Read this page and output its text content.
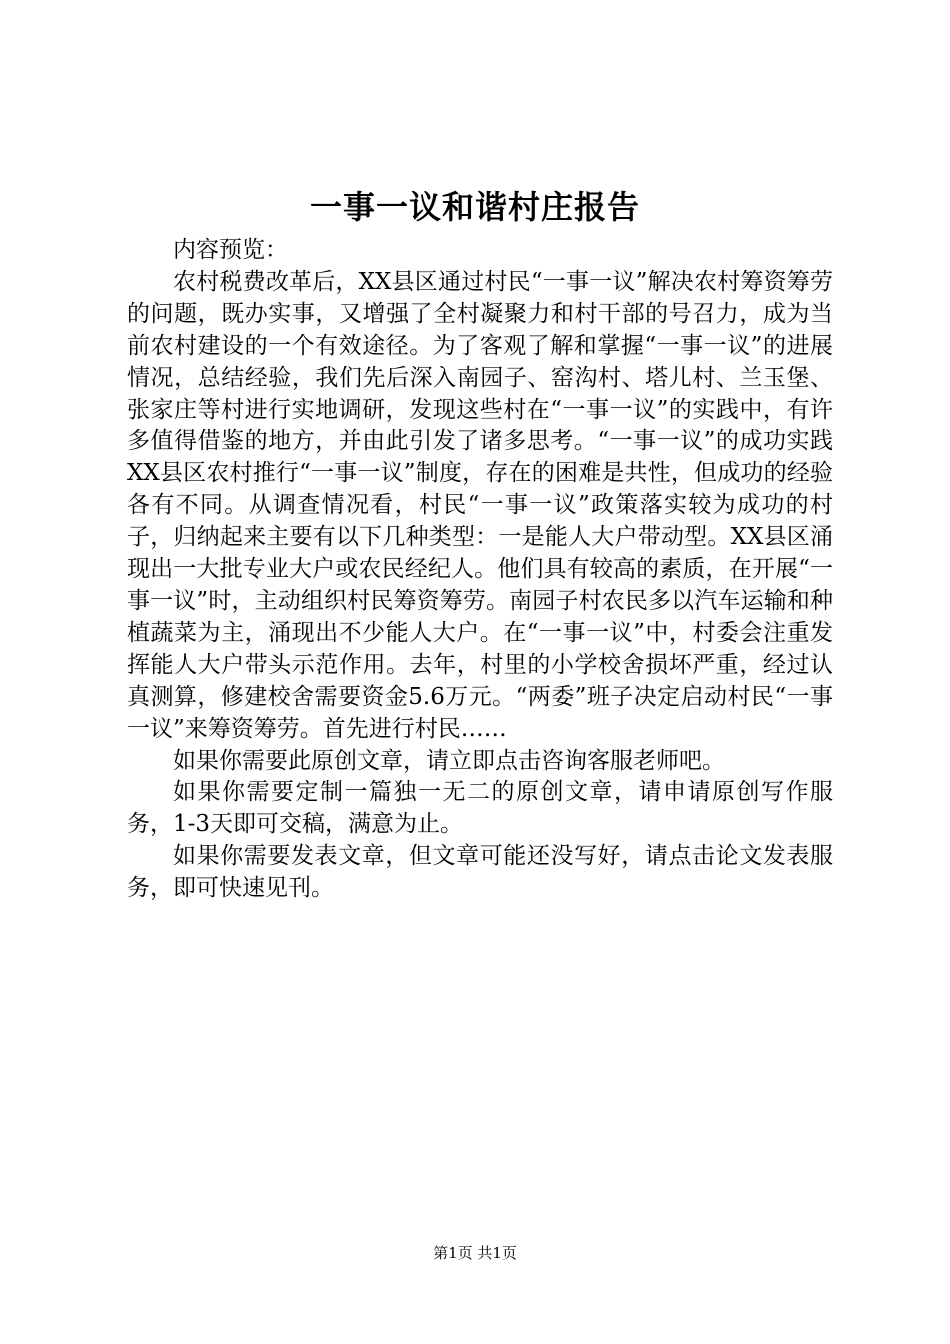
一事一议和谐村庄报告

内容预览：

农村税费改革后，XX县区通过村民“一事一议”解决农村筹资筹劳的问题，既办实事，又增强了全村凝聚力和村干部的号召力，成为当前农村建设的一个有效途径。为了客观了解和掌握“一事一议”的进展情况，总结经验，我们先后深入南园子、窑沟村、塔儿村、兰玉堡、张家庄等村进行实地调研，发现这些村在“一事一议”的实践中，有许多值得借鉴的地方，并由此引发了诸多思考。“一事一议”的成功实践XX县区农村推行“一事一议”制度，存在的困难是共性，但成功的经验各有不同。从调查情况看，村民“一事一议”政策落实较为成功的村子，归纳起来主要有以下几种类型：一是能人大户带动型。XX县区涌现出一大批专业大户或农民经纪人。他们具有较高的素质，在开展“一事一议”时，主动组织村民筹资筹劳。南园子村农民多以汽车运输和种植蔬菜为主，涌现出不少能人大户。在“一事一议”中，村委会注重发挥能人大户带头示范作用。去年，村里的小学校舍损坏严重，经过认真测算，修建校舍需要资金5.6万元。“两委”班子决定启动村民“一事一议”来筹资筹劳。首先进行村民……

如果你需要此原创文章，请立即点击咨询客服老师吧。

如果你需要定制一篇独一无二的原创文章，请申请原创写作服务，1-3天即可交稿，满意为止。

如果你需要发表文章，但文章可能还没写好，请点击论文发表服务，即可快速见刊。

第1页 共1页
